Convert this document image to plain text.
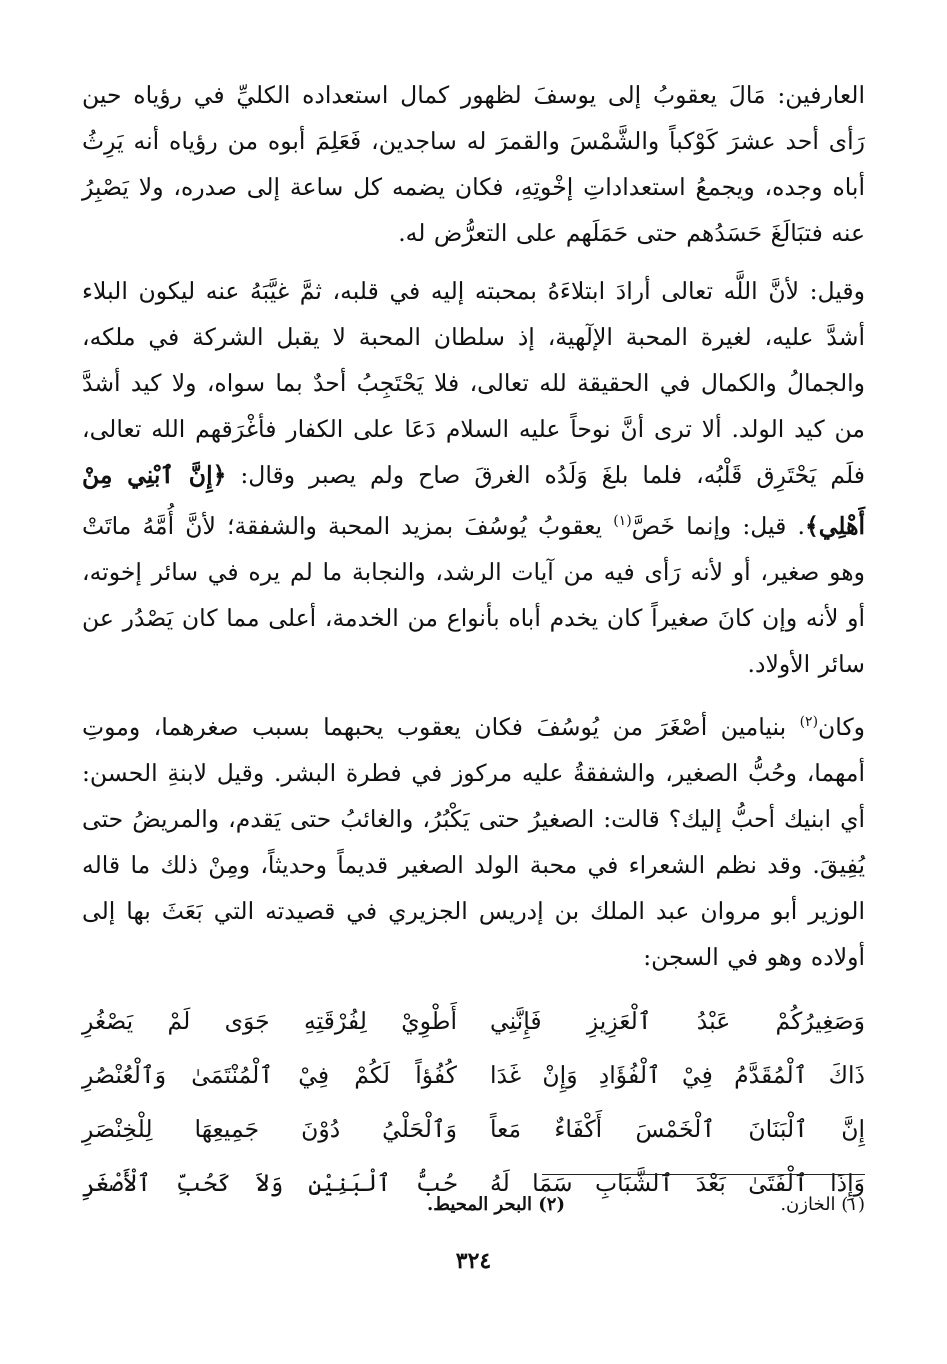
العارفين: مَالَ يعقوبُ إلى يوسفَ لظهور كمال استعداده الكليِّ في رؤياه حين رَأى أحد عشرَ كَوْكباً والشَّمْسَ والقمرَ له ساجدين، فَعَلِمَ أبوه من رؤياه أنه يَرِثُ أباه وجده، ويجمعُ استعداداتِ إخْوتِهِ، فكان يضمه كل ساعة إلى صدره، ولا يَصْبِرُ عنه فتبَالَغَ حَسَدُهم حتى حَمَلَهم على التعرُّض له.

وقيل: لأنَّ اللَّه تعالى أرادَ ابتلاءَهُ بمحبته إليه في قلبه، ثمَّ غيَّبَهُ عنه ليكون البلاء أشدَّ عليه، لغيرة المحبة الإلٓهية، إذ سلطان المحبة لا يقبل الشركة في ملكه، والجمالُ والكمال في الحقيقة لله تعالى، فلا يَحْتَجِبُ أحدٌ بما سواه، ولا كيد أشدَّ من كيد الولد. ألا ترى أنَّ نوحاً عليه السلام دَعَا على الكفار فأغْرَقهم الله تعالى، فلَم يَحْتَرِق قَلْبُه، فلما بلغَ وَلَدُه الغرقَ صاح ولم يصبر وقال: ﴿إِنَّ ٱبْنِي مِنْ أَهْلِي﴾. قيل: وإنما خَصَّ$^{(١)}$ يعقوبُ يُوسُفَ بمزيد المحبة والشفقة؛ لأنَّ أُمَّهُ ماتَتْ وهو صغير، أو لأنه رَأى فيه من آيات الرشد، والنجابة ما لم يره في سائر إخوته، أو لأنه وإن كانَ صغيراً كان يخدم أباه بأنواع من الخدمة، أعلى مما كان يَصْدُر عن سائر الأولاد.

وكان$^{(٢)}$ بنيامين أصْغَرَ من يُوسُفَ فكان يعقوب يحبهما بسبب صغرهما، وموتِ أمهما، وحُبُّ الصغير، والشفقةُ عليه مركوز في فطرة البشر. وقيل لابنةِ الحسن: أي ابنيك أحبُّ إليك؟ قالت: الصغيرُ حتى يَكْبُرُ، والغائبُ حتى يَقدم، والمريضُ حتى يُفِيقَ. وقد نظم الشعراء في محبة الولد الصغير قديماً وحديثاً، ومِنْ ذلك ما قاله الوزير أبو مروان عبد الملك بن إدريس الجزيري في قصيدته التي بَعَثَ بها إلى أولاده وهو في السجن:

وَصَغِيرُكُمْ عَبْدُ ٱلْعَزِيزِ فَإِنَّنِي
أَطْوِيْ لِفُرْقَتِهِ جَوَى لَمْ يَصْغُرِ
ذَاكَ ٱلْمُقَدَّمُ فِيْ ٱلْفُؤَادِ وَإِنْ غَدَا
كُفُؤاً لَكُمْ فِيْ ٱلْمُنْتَمَىٰ وَٱلْعُنْصُرِ
إِنَّ ٱلْبَنَانَ ٱلْخَمْسَ أَكْفَاءٌ مَعاً
وَٱلْحَلْيُ دُوْنَ جَمِيعِهَا لِلْخِنْصَرِ
وَإِذَا ٱلْفَتَىٰ بَعْدَ ٱلشَّبَابِ سَمَا لَهُ
حُبُّ ٱلْبَنِيْنِ وَلاَ كَحُبِّ ٱلْأَصْغَرِ
(١) الخازن.
(٢) البحر المحيط.
٣٢٤
